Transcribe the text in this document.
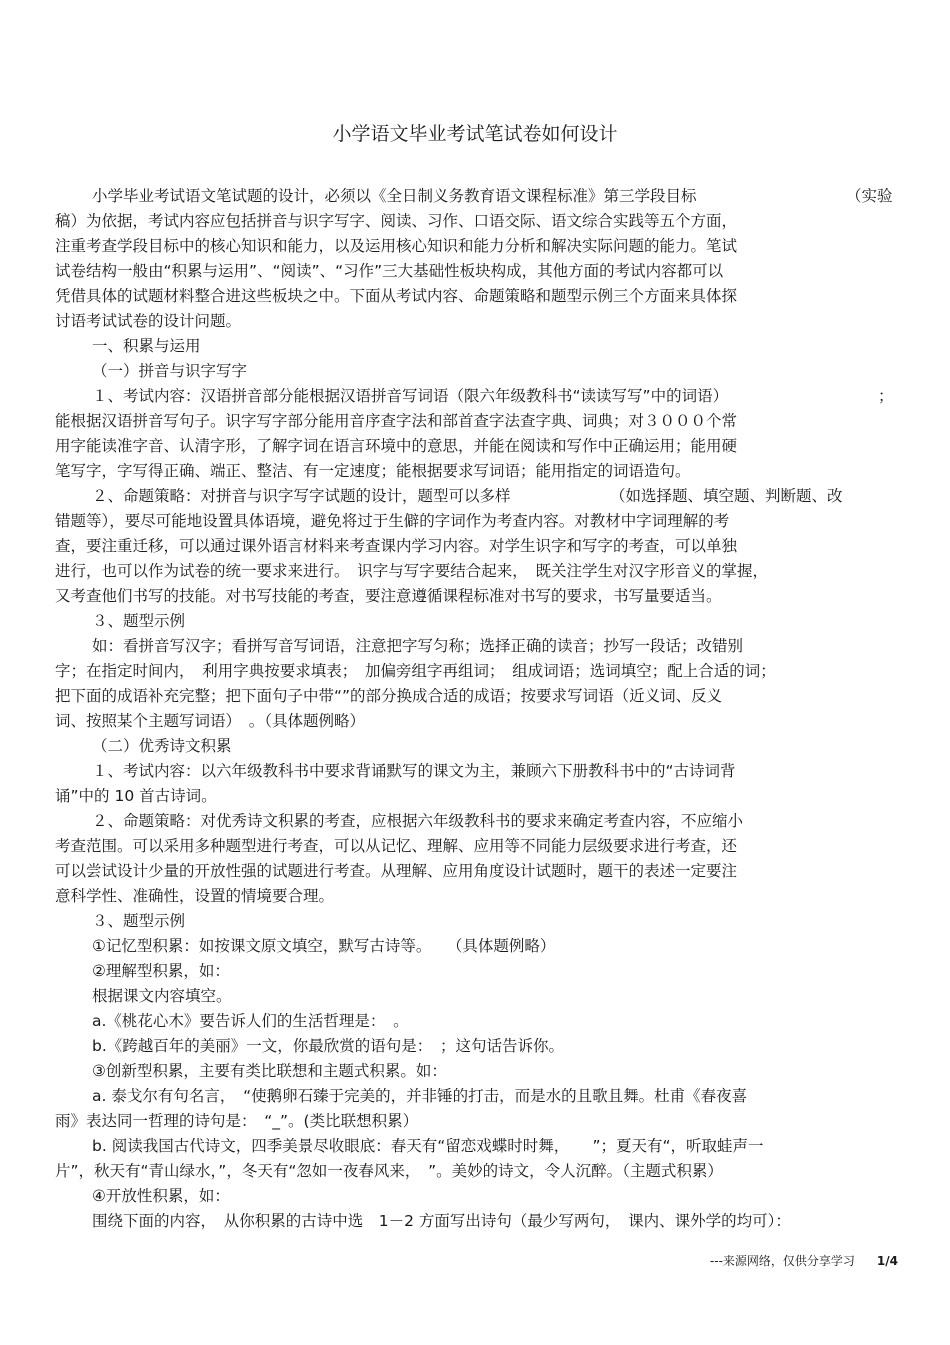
小学语文毕业考试笔试卷如何设计
小学毕业考试语文笔试题的设计，必须以《全日制义务教育语文课程标准》第三学段目标	（实验
稿）为依据，考试内容应包括拼音与识字写字、阅读、习作、口语交际、语文综合实践等五个方面，
注重考查学段目标中的核心知识和能力，以及运用核心知识和能力分析和解决实际问题的能力。笔试
试卷结构一般由“积累与运用”、“阅读”、“习作”三大基础性板块构成，其他方面的考试内容都可以
凭借具体的试题材料整合进这些板块之中。下面从考试内容、命题策略和题型示例三个方面来具体探
讨语考试试卷的设计问题。
一、积累与运用
（一）拼音与识字写字
１、考试内容：汉语拼音部分能根据汉语拼音写词语（限六年级教科书“读读写写”中的词语）	；
能根据汉语拼音写句子。识字写字部分能用音序查字法和部首查字法查字典、词典；对３０００个常
用字能读准字音、认清字形，了解字词在语言环境中的意思，并能在阅读和写作中正确运用；能用硬
笔写字，字写得正确、端正、整洁、有一定速度；能根据要求写词语；能用指定的词语造句。
２、命题策略：对拼音与识字写字试题的设计，题型可以多样	（如选择题、填空题、判断题、改
错题等），要尽可能地设置具体语境，避免将过于生僻的字词作为考查内容。对教材中字词理解的考
查，要注重迁移，可以通过课外语言材料来考查课内学习内容。对学生识字和写字的考查，可以单独
进行，也可以作为试卷的统一要求来进行。　识字与写字要结合起来，　既关注学生对汉字形音义的掌握，
又考查他们书写的技能。对书写技能的考查，要注意遵循课程标准对书写的要求，书写量要适当。
３、题型示例
如：看拼音写汉字；看拼写音写词语，注意把字写匀称；选择正确的读音；抄写一段话；改错别
字；在指定时间内，　利用字典按要求填表；　加偏旁组字再组词；　组成词语；选词填空；配上合适的词；
把下面的成语补充完整；把下面句子中带“”的部分换成合适的成语；按要求写词语（近义词、反义
词、按照某个主题写词语）　。（具体题例略）
（二）优秀诗文积累
１、考试内容：以六年级教科书中要求背诵默写的课文为主，兼顾六下册教科书中的“古诗词背
诵”中的 10 首古诗词。
２、命题策略：对优秀诗文积累的考查，应根据六年级教科书的要求来确定考查内容，不应缩小
考查范围。可以采用多种题型进行考查，可以从记忆、理解、应用等不同能力层级要求进行考查，还
可以尝试设计少量的开放性强的试题进行考查。从理解、应用角度设计试题时，题干的表述一定要注
意科学性、准确性，设置的情境要合理。
３、题型示例
①记忆型积累：如按课文原文填空，默写古诗等。　　（具体题例略）
②理解型积累，如：
根据课文内容填空。
a.《桃花心木》要告诉人们的生活哲理是：　。
b.《跨越百年的美丽》一文，你最欣赏的语句是：　；这句话告诉你。
③创新型积累，主要有类比联想和主题式积累。如：
a. 泰戈尔有句名言，　“使鹅卵石臻于完美的，并非锤的打击，而是水的且歌且舞。杜甫《春夜喜
雨》表达同一哲理的诗句是：　“_”。(类比联想积累）
b. 阅读我国古代诗文，四季美景尽收眼底：春天有“留恋戏蝶时时舞，　　”；夏天有“，听取蛙声一
片”，秋天有“青山绿水，”，冬天有“忽如一夜春风来，　”。美妙的诗文，令人沉醉。（主题式积累）
④开放性积累，如：
围绕下面的内容，　从你积累的古诗中选　1－2 方面写出诗句（最少写两句，　课内、课外学的均可）：
---来源网络，仅供分享学习 1/4
